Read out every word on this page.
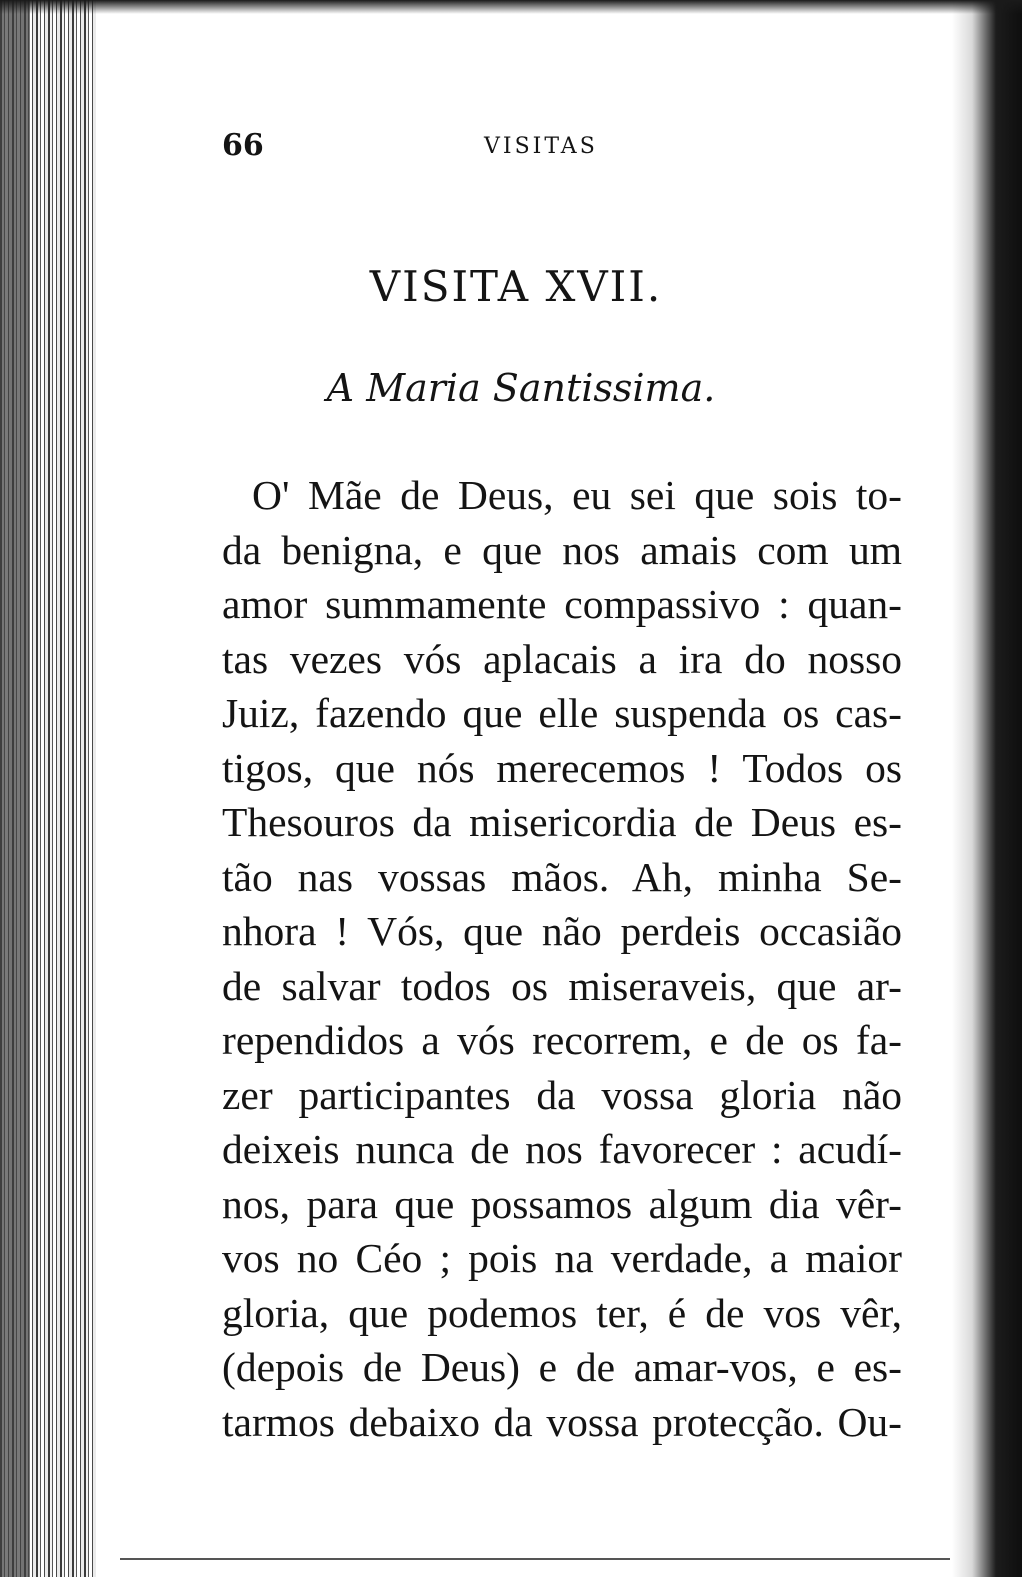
66	VISITAS
VISITA XVII.
A Maria Santissima.
O' Mãe de Deus, eu sei que sois to-
da benigna, e que nos amais com um
amor summamente compassivo : quan-
tas vezes vós aplacais a ira do nosso
Juiz, fazendo que elle suspenda os cas-
tigos, que nós merecemos ! Todos os
Thesouros da misericordia de Deus es-
tão nas vossas mãos. Ah, minha Se-
nhora ! Vós, que não perdeis occasião
de salvar todos os miseraveis, que ar-
rependidos a vós recorrem, e de os fa-
zer participantes da vossa gloria não
deixeis nunca de nos favorecer : acudí-
nos, para que possamos algum dia vêr-
vos no Céo ; pois na verdade, a maior
gloria, que podemos ter, é de vos vêr,
(depois de Deus) e de amar-vos, e es-
tarmos debaixo da vossa protecção. Ou-
